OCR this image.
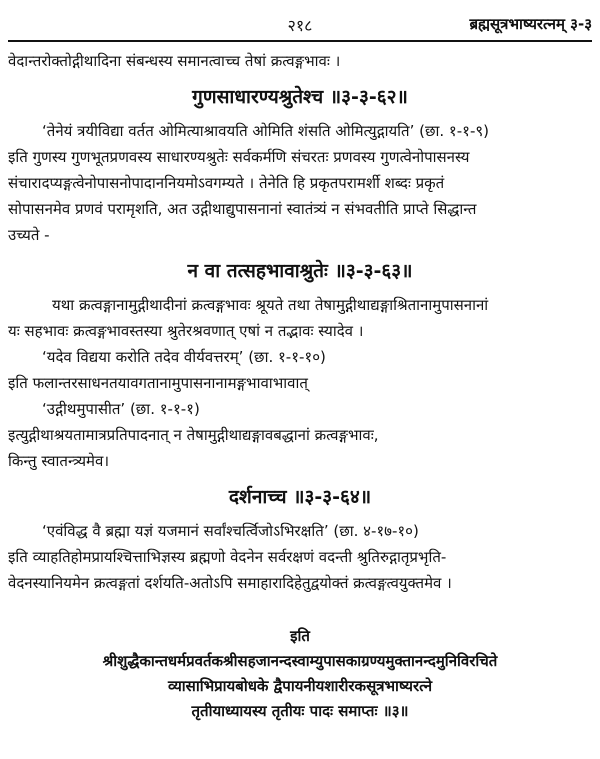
२१८	ब्रह्मसूत्रभाष्यरत्नम् ३-३
वेदान्तरोक्तोद्गीथादिना संबन्धस्य समानत्वाच्च तेषां क्रत्वङ्गभावः ।
गुणसाधारण्यश्रुतेश्च ॥३-३-६२॥
‘तेनेयं त्रयीविद्या वर्तत ओमित्याश्रावयति ओमिति शंसति ओमित्युद्गायति’ (छा. १-१-९)
इति गुणस्य गुणभूतप्रणवस्य साधारण्यश्रुतेः सर्वकर्मणि संचरतः प्रणवस्य गुणत्वेनोपासनस्य
संचारादप्यङ्गत्वेनोपासनोपादाननियमोऽवगम्यते । तेनेति हि प्रकृतपरामर्शी शब्दः प्रकृतं
सोपासनमेव प्रणवं परामृशति, अत उद्गीथाद्युपासनानां स्वातंत्र्यं न संभवतीति प्राप्ते सिद्धान्त
उच्यते -
न वा तत्सहभावाश्रुतेः ॥३-३-६३॥
यथा क्रत्वङ्गानामुद्गीथादीनां क्रत्वङ्गभावः श्रूयते तथा तेषामुद्गीथाद्यङ्गाश्रितानामुपासनानां
यः सहभावः क्रत्वङ्गभावस्तस्या श्रुतेरश्रवणात् एषां न तद्भावः स्यादेव ।
‘यदेव विद्यया करोति तदेव वीर्यवत्तरम्’ (छा. १-१-१०)
इति फलान्तरसाधनतयावगतानामुपासनानामङ्गभावाभावात्
‘उद्गीथमुपासीत’ (छा. १-१-१)
इत्युद्गीथाश्रयतामात्रप्रतिपादनात् न तेषामुद्गीथाद्यङ्गावबद्धानां क्रत्वङ्गभावः,
किन्तु स्वातन्त्र्यमेव।
दर्शनाच्च ॥३-३-६४॥
‘एवंविद्ध वै ब्रह्मा यज्ञं यजमानं सर्वांश्चर्त्विजोऽभिरक्षति’ (छा. ४-१७-१०)
इति व्याहतिहोमप्रायश्चित्ताभिज्ञस्य ब्रह्मणो वेदनेन सर्वरक्षणं वदन्ती श्रुतिरुद्गातृप्रभृति-
वेदनस्यानियमेन क्रत्वङ्गतां दर्शयति-अतोऽपि समाहारादिहेतुद्वयोक्तं क्रत्वङ्गत्वयुक्तमेव ।
इति
श्रीशुद्धैकान्तधर्मप्रवर्तकश्रीसहजानन्दस्वाम्युपासकाग्रण्यमुक्तानन्दमुनिविरचिते
व्यासाभिप्रायबोधके द्वैपायनीयशारीरकसूत्रभाष्यरत्ने
तृतीयाध्यायस्य तृतीयः पादः समाप्तः ॥३॥
